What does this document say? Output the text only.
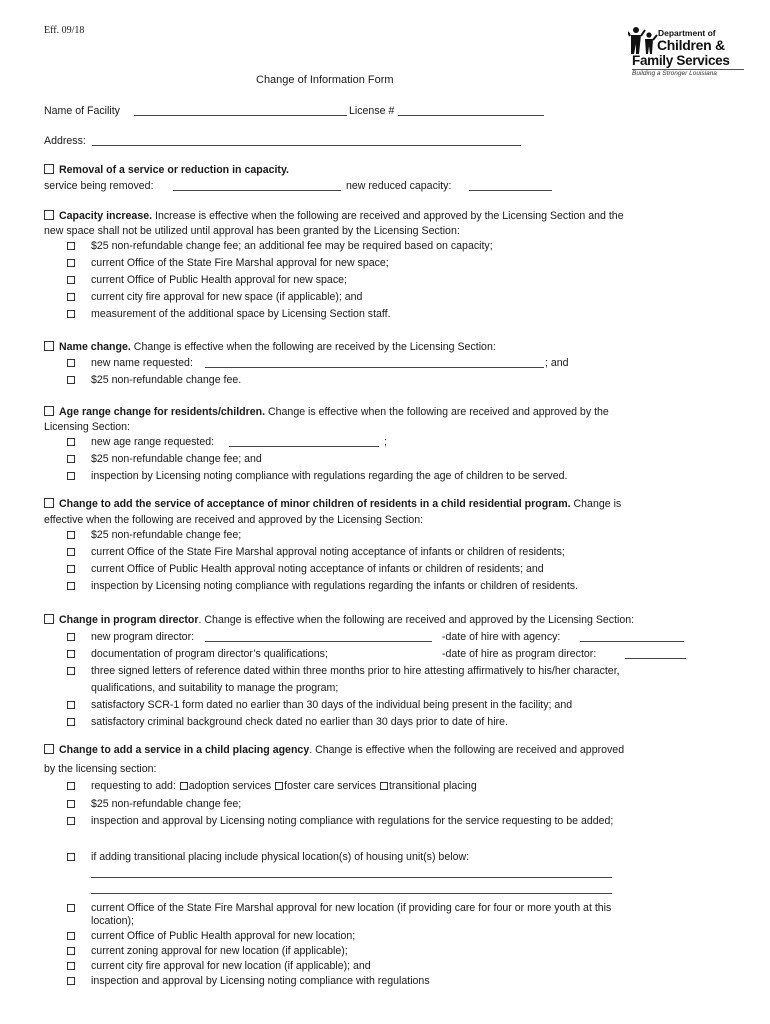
Eff. 09/18	Department of
Children &
Family Services
Building a Stronger Louisiana
Change of Information Form
Name of Facility	License #
Address:
Removal of a service or reduction in capacity.
service being removed:	new reduced capacity:
Capacity increase. Increase is effective when the following are received and approved by the Licensing Section and the
new space shall not be utilized until approval has been granted by the Licensing Section:
$25 non-refundable change fee; an additional fee may be required based on capacity;
current Office of the State Fire Marshal approval for new space;
current Office of Public Health approval for new space;
current city fire approval for new space (if applicable); and
measurement of the additional space by Licensing Section staff.
Name change. Change is effective when the following are received by the Licensing Section:
new name requested:	; and
$25 non-refundable change fee.
Age range change for residents/children. Change is effective when the following are received and approved by the
Licensing Section:
new age range requested:	;
$25 non-refundable change fee; and
inspection by Licensing noting compliance with regulations regarding the age of children to be served.
Change to add the service of acceptance of minor children of residents in a child residential program. Change is
effective when the following are received and approved by the Licensing Section:
$25 non-refundable change fee;
current Office of the State Fire Marshal approval noting acceptance of infants or children of residents;
current Office of Public Health approval noting acceptance of infants or children of residents; and
inspection by Licensing noting compliance with regulations regarding the infants or children of residents.
Change in program director. Change is effective when the following are received and approved by the Licensing Section:
new program director:	-date of hire with agency:
documentation of program director’s qualifications;	-date of hire as program director:
three signed letters of reference dated within three months prior to hire attesting affirmatively to his/her character,
qualifications, and suitability to manage the program;
satisfactory SCR-1 form dated no earlier than 30 days of the individual being present in the facility; and
satisfactory criminal background check dated no earlier than 30 days prior to date of hire.
Change to add a service in a child placing agency. Change is effective when the following are received and approved
by the licensing section:
requesting to add: adoption services foster care services transitional placing
$25 non-refundable change fee;
inspection and approval by Licensing noting compliance with regulations for the service requesting to be added;
if adding transitional placing include physical location(s) of housing unit(s) below:
current Office of the State Fire Marshal approval for new location (if providing care for four or more youth at this
location);
current Office of Public Health approval for new location;
current zoning approval for new location (if applicable);
current city fire approval for new location (if applicable); and
inspection and approval by Licensing noting compliance with regulations
